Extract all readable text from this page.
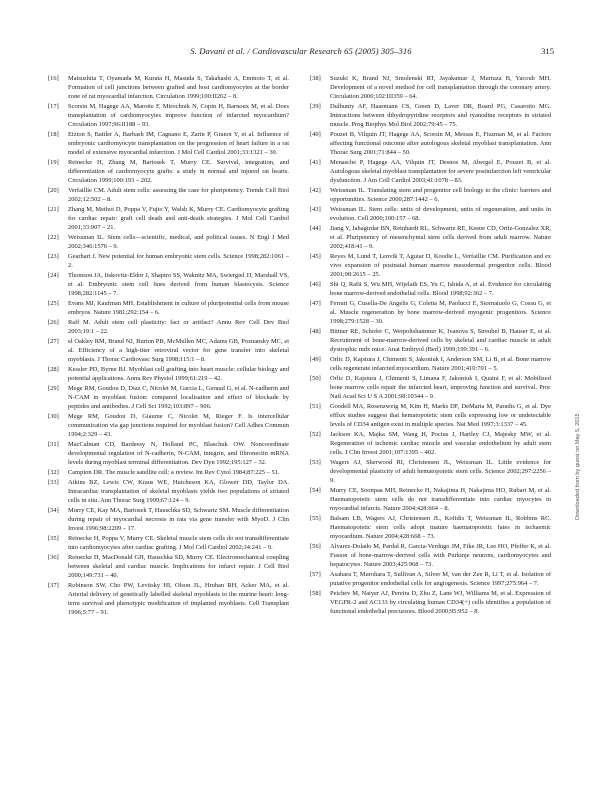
S. Davani et al. / Cardiovascular Research 65 (2005) 305–316	315
[16] Matsushita T, Oyamada M, Kurata H, Masuda S, Takahashi A, Emmoto T, et al. Formation of cell junctions between grafted and host cardiomyocytes at the border zone of rat myocardial infarction. Circulation 1999;100:II262 – 8.
[17] Scorsin M, Hagege AA, Marotte F, Mirochnik N, Copin H, Barnoux M, et al. Does transplantation of cardiomyocytes improve function of infarcted myocardium? Circulation 1997;96:II188 – 93.
[18] Etzion S, Battler A, Barbash IM, Cagnano E, Zarin P, Granot Y, et al. Influence of embryonic cardiomyocyte transplantation on the progression of heart failure in a rat model of extensive myocardial infarction. J Mol Cell Cardiol 2001;33:1321 – 30.
[19] Reinecke H, Zhang M, Bartosek T, Murry CE. Survival, integration, and differentiation of cardiomyocyte grafts: a study in normal and injured rat hearts. Circulation 1999;100:193 – 202.
[20] Verfaillie CM. Adult stem cells: assessing the case for pluripotency. Trends Cell Biol 2002;12:502 – 8.
[21] Zhang M, Methot D, Poppa V, Fujio Y, Walsh K, Murry CE. Cardiomyocyte grafting for cardiac repair: graft cell death and anti-death strategies. J Mol Cell Cardiol 2001;33:907 – 21.
[22] Weissman IL. Stem cells—scientific, medical, and political issues. N Engl J Med 2002;346:1576 – 9.
[23] Gearhart J. New potential for human embryonic stem cells. Science 1998;282:1061 – 2.
[24] Thomson JA, Itskovitz-Eldor J, Shapiro SS, Waknitz MA, Swiergiel JJ, Marshall VS, et al. Embryonic stem cell lines derived from human blastocysts. Science 1998;282:1145 – 7.
[25] Evans MJ, Kaufman MH. Establishment in culture of pluripotential cells from mouse embryos. Nature 1981;292:154 – 6.
[26] Raff M. Adult stem cell plasticity: fact or artifact? Annu Rev Cell Dev Biol 2003;19:1 – 22.
[27] el Oakley RM, Brand NJ, Burton PB, McMullen MC, Adams GB, Poznansky MC, et al. Efficiency of a high-titer retroviral vector for gene transfer into skeletal myoblasts. J Thorac Cardiovasc Surg 1998;115:1 – 8.
[28] Kessler PD, Byrne BJ. Myoblast cell grafting into heart muscle: cellular biology and potential applications. Annu Rev Physiol 1999;61:219 – 42.
[29] Mege RM, Goudou D, Diaz C, Nicolet M, Garcia L, Geraud G, et al. N-cadherin and N-CAM in myoblast fusion: compared localisation and effect of blockade by peptides and antibodies. J Cell Sci 1992;103:897 – 906.
[30] Mege RM, Goudou D, Giaume C, Nicolet M, Rieger F. Is intercellular communication via gap junctions required for myoblast fusion? Cell Adhes Commun 1994;2:329 – 43.
[31] MacCalman CD, Bardeesy N, Holland PC, Blaschuk OW. Noncoordinate developmental regulation of N-cadherin, N-CAM, integrin, and fibronectin mRNA levels during myoblast terminal differentiation. Dev Dyn 1992;195:127 – 32.
[32] Campion DR. The muscle satellite cell: a review. Int Rev Cytol 1984;87:225 – 51.
[33] Atkins BZ, Lewis CW, Kraus WE, Hutcheson KA, Glower DD, Taylor DA. Intracardiac transplantation of skeletal myoblasts yields two populations of striated cells in situ. Ann Thorac Surg 1999;67:124 – 9.
[34] Murry CE, Kay MA, Bartosek T, Hauschka SD, Schwartz SM. Muscle differentiation during repair of myocardial necrosis in rats via gene transfer with MyoD. J Clin Invest 1996;98:2209 – 17.
[35] Reinecke H, Poppa V, Murry CE. Skeletal muscle stem cells do not transdifferentiate into cardiomyocytes after cardiac grafting. J Mol Cell Cardiol 2002;34:241 – 9.
[36] Reinecke H, MacDonald GH, Hauschka SD, Murry CE. Electromechanical coupling between skeletal and cardiac muscle. Implications for infarct repair. J Cell Biol 2000;149:731 – 40.
[37] Robinson SW, Cho PW, Levitsky HI, Olson JL, Hruban RH, Acker MA, et al. Arterial delivery of genetically labelled skeletal myoblasts to the murine heart: long-term survival and phenotypic modification of implanted myoblasts. Cell Transplant 1996;5:77 – 91.
[38] Suzuki K, Brand NJ, Smolenski RT, Jayakumar J, Murtuza B, Yacoub MH. Development of a novel method for cell transplantation through the coronary artery. Circulation 2000;102:III359 – 64.
[39] Dulhunty AF, Haarmann CS, Green D, Laver DR, Board PG, Casarotto MG. Interactions between dihydropyridine receptors and ryanodine receptors in striated muscle. Prog Biophys Mol Biol 2002;79:45 – 75.
[40] Pouzet B, Vilquin JT, Hagege AA, Scorsin M, Messas E, Fiszman M, et al. Factors affecting functional outcome after autologous skeletal myoblast transplantation. Ann Thorac Surg 2001;71:844 – 50.
[41] Menasche P, Hagege AA, Vilquin JT, Desnos M, Abergel E, Pouzet B, et al. Autologous skeletal myoblast transplantation for severe postinfarction left ventricular dysfunction. J Am Coll Cardiol 2003;41:1078 – 83.
[42] Weissman IL. Translating stem and progenitor cell biology to the clinic: barriers and opportunities. Science 2000;287:1442 – 6.
[43] Weissman IL. Stem cells: units of development, units of regeneration, and units in evolution. Cell 2000;100:157 – 68.
[44] Jiang Y, Jahagirdar BN, Reinhardt RL, Schwartz RE, Keene CD, Ortiz-Gonzalez XR, et al. Pluripotency of mesenchymal stem cells derived from adult marrow. Nature 2002;418:41 – 9.
[45] Reyes M, Lund T, Lenvik T, Aguiar D, Koodie L, Verfaillie CM. Purification and ex vivo expansion of postnatal human marrow mesodermal progenitor cells. Blood 2001;98:2615 – 25.
[46] Shi Q, Rafii S, Wu MH, Wijelath ES, Yu C, Ishida A, et al. Evidence for circulating bone marrow-derived endothelial cells. Blood 1998;92:362 – 7.
[47] Ferrari G, Cusella-De Angelis G, Coletta M, Paolucci E, Stornaiuolo G, Cossu G, et al. Muscle regeneration by bone marrow-derived myogenic progenitors. Science 1998;279:1528 – 30.
[48] Bittner RE, Schofer C, Weipoltshammer K, Ivanova S, Streubel B, Hauser E, et al. Recruitment of bone-marrow-derived cells by skeletal and cardiac muscle in adult dystrophic mdx mice. Anat Embryol (Berl) 1999;199:391 – 6.
[49] Orlic D, Kajstura J, Chimenti S, Jakoniuk I, Anderson SM, Li B, et al. Bone marrow cells regenerate infarcted myocardium. Nature 2001;410:701 – 5.
[50] Orlic D, Kajstura J, Chimenti S, Limana F, Jakoniuk I, Quaini F, et al. Mobilized bone marrow cells repair the infarcted heart, improving function and survival. Proc Natl Acad Sci U S A 2001;98:10344 – 9.
[51] Goodell MA, Rosenzweig M, Kim H, Marks DF, DeMaria M, Paradis G, et al. Dye efflux studies suggest that hematopoietic stem cells expressing low or undetectable levels of CD34 antigen exist in multiple species. Nat Med 1997;3:1337 – 45.
[52] Jackson KA, Majka SM, Wang H, Pocius J, Hartley CJ, Majesky MW, et al. Regeneration of ischemic cardiac muscle and vascular endothelium by adult stem cells. J Clin Invest 2001;107:1395 – 402.
[53] Wagers AJ, Sherwood RI, Christensen JL, Weissman IL. Little evidence for developmental plasticity of adult hematopoietic stem cells. Science 2002;297:2256 – 9.
[54] Murry CE, Soonpaa MH, Reinecke H, Nakajima H, Nakajima HO, Rubart M, et al. Haematopoietic stem cells do not transdifferentiate into cardiac myocytes in myocardial infarcts. Nature 2004;428:664 – 8.
[55] Balsam LB, Wagers AJ, Christensen JL, Kofidis T, Weissman IL, Robbins RC. Haematopoietic stem cells adopt mature haematopoietic fates in ischaemic myocardium. Nature 2004;428:668 – 73.
[56] Alvarez-Dolado M, Pardal R, Garcia-Verdugo JM, Fike JR, Lee HO, Pfeffer K, et al. Fusion of bone-marrow-derived cells with Purkinje neurons, cardiomyocytes and hepatocytes. Nature 2003;425:968 – 73.
[57] Asahara T, Murohara T, Sullivan A, Silver M, van der Zee R, Li T, et al. Isolation of putative progenitor endothelial cells for angiogenesis. Science 1997;275:964 – 7.
[58] Peichev M, Naiyer AJ, Pereira D, Zhu Z, Lane WJ, Williams M, et al. Expression of VEGFR-2 and AC133 by circulating human CD34(+) cells identifies a population of functional endothelial precursors. Blood 2000;95:952 – 8.
Downloaded from by guest on May 5, 2015
